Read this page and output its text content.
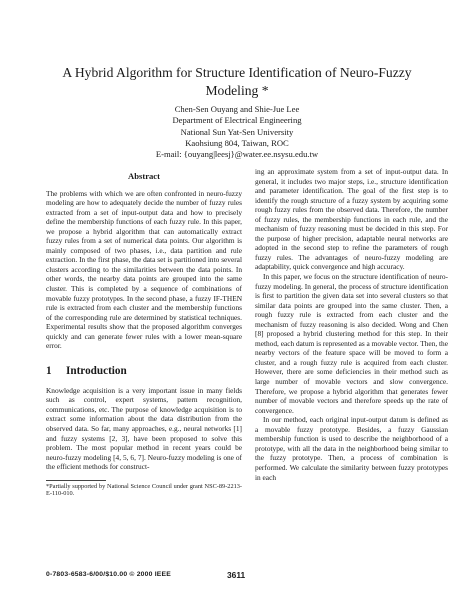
A Hybrid Algorithm for Structure Identification of Neuro-Fuzzy
Modeling *
Chen-Sen Ouyang and Shie-Jue Lee
Department of Electrical Engineering
National Sun Yat-Sen University
Kaohsiung 804, Taiwan, ROC
E-mail: {ouyang|leesj}@water.ee.nsysu.edu.tw
Abstract

The problems with which we are often confronted in neuro-fuzzy modeling are how to adequately decide the number of fuzzy rules extracted from a set of input-output data and how to precisely define the membership functions of each fuzzy rule. In this paper, we propose a hybrid algorithm that can automatically extract fuzzy rules from a set of numerical data points. Our algorithm is mainly composed of two phases, i.e., data partition and rule extraction. In the first phase, the data set is partitioned into several clusters according to the similarities between the data points. In other words, the nearby data points are grouped into the same cluster. This is completed by a sequence of combinations of movable fuzzy prototypes. In the second phase, a fuzzy IF-THEN rule is extracted from each cluster and the membership functions of the corresponding rule are determined by statistical techniques. Experimental results show that the proposed algorithm converges quickly and can generate fewer rules with a lower mean-square error.

1 Introduction

Knowledge acquisition is a very important issue in many fields such as control, expert systems, pattern recognition, communications, etc. The purpose of knowledge acquisition is to extract some information about the data distribution from the observed data. So far, many approaches, e.g., neural networks [1] and fuzzy systems [2, 3], have been proposed to solve this problem. The most popular method in recent years could be neuro-fuzzy modeling [4, 5, 6, 7]. Neuro-fuzzy modeling is one of the efficient methods for construct-

*Partially supported by National Science Council under grant NSC-89-2213-E-110-010.

ing an approximate system from a set of input-output data. In general, it includes two major steps, i.e., structure identification and parameter identification. The goal of the first step is to identify the rough structure of a fuzzy system by acquiring some rough fuzzy rules from the observed data. Therefore, the number of fuzzy rules, the membership functions in each rule, and the mechanism of fuzzy reasoning must be decided in this step. For the purpose of higher precision, adaptable neural networks are adopted in the second step to refine the parameters of rough fuzzy rules. The advantages of neuro-fuzzy modeling are adaptability, quick convergence and high accuracy.

In this paper, we focus on the structure identification of neuro-fuzzy modeling. In general, the process of structure identification is first to partition the given data set into several clusters so that similar data points are grouped into the same cluster. Then, a rough fuzzy rule is extracted from each cluster and the mechanism of fuzzy reasoning is also decided. Wong and Chen [8] proposed a hybrid clustering method for this step. In their method, each datum is represented as a movable vector. Then, the nearby vectors of the feature space will be moved to form a cluster, and a rough fuzzy rule is acquired from each cluster. However, there are some deficiencies in their method such as large number of movable vectors and slow convergence. Therefore, we propose a hybrid algorithm that generates fewer number of movable vectors and therefore speeds up the rate of convergence.

In our method, each original input-output datum is defined as a movable fuzzy prototype. Besides, a fuzzy Gaussian membership function is used to describe the neighborhood of a prototype, with all the data in the neighborhood being similar to the fuzzy prototype. Then, a process of combination is performed. We calculate the similarity between fuzzy prototypes in each

0-7803-6583-6/00/$10.00 © 2000 IEEE	3611
